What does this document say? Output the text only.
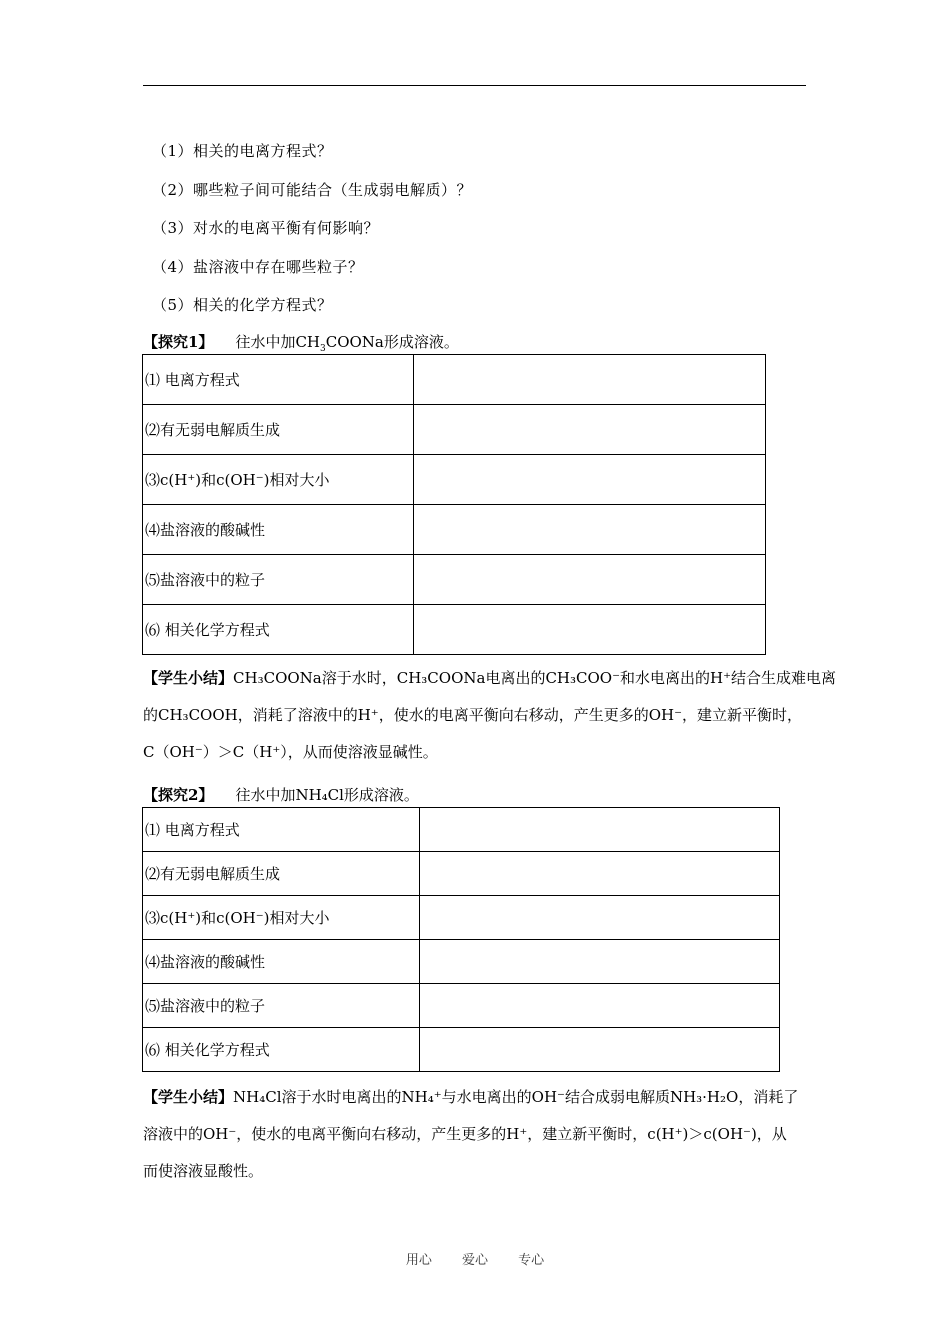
（1）相关的电离方程式？
（2）哪些粒子间可能结合（生成弱电解质）？
（3）对水的电离平衡有何影响？
（4）盐溶液中存在哪些粒子？
（5）相关的化学方程式？
【探究1】 往水中加$CH_3COONa$形成溶液。
⑴ 电离方程式	
⑵有无弱电解质生成	
⑶c(H⁺)和c(OH⁻)相对大小	
⑷盐溶液的酸碱性	
⑸盐溶液中的粒子	
⑹ 相关化学方程式	
【学生小结】CH₃COONa溶于水时，CH₃COONa电离出的CH₃COO⁻和水电离出的H⁺结合生成难电离
的CH₃COOH，消耗了溶液中的H⁺，使水的电离平衡向右移动，产生更多的OH⁻，建立新平衡时，
C（OH⁻）＞C（H⁺），从而使溶液显碱性。
【探究2】 往水中加NH₄Cl形成溶液。
⑴ 电离方程式	
⑵有无弱电解质生成	
⑶c(H⁺)和c(OH⁻)相对大小	
⑷盐溶液的酸碱性	
⑸盐溶液中的粒子	
⑹ 相关化学方程式	
【学生小结】NH₄Cl溶于水时电离出的NH₄⁺与水电离出的OH⁻结合成弱电解质NH₃·H₂O，消耗了
溶液中的OH⁻，使水的电离平衡向右移动，产生更多的H⁺，建立新平衡时，c(H⁺)＞c(OH⁻)，从
而使溶液显酸性。
用心 爱心 专心
